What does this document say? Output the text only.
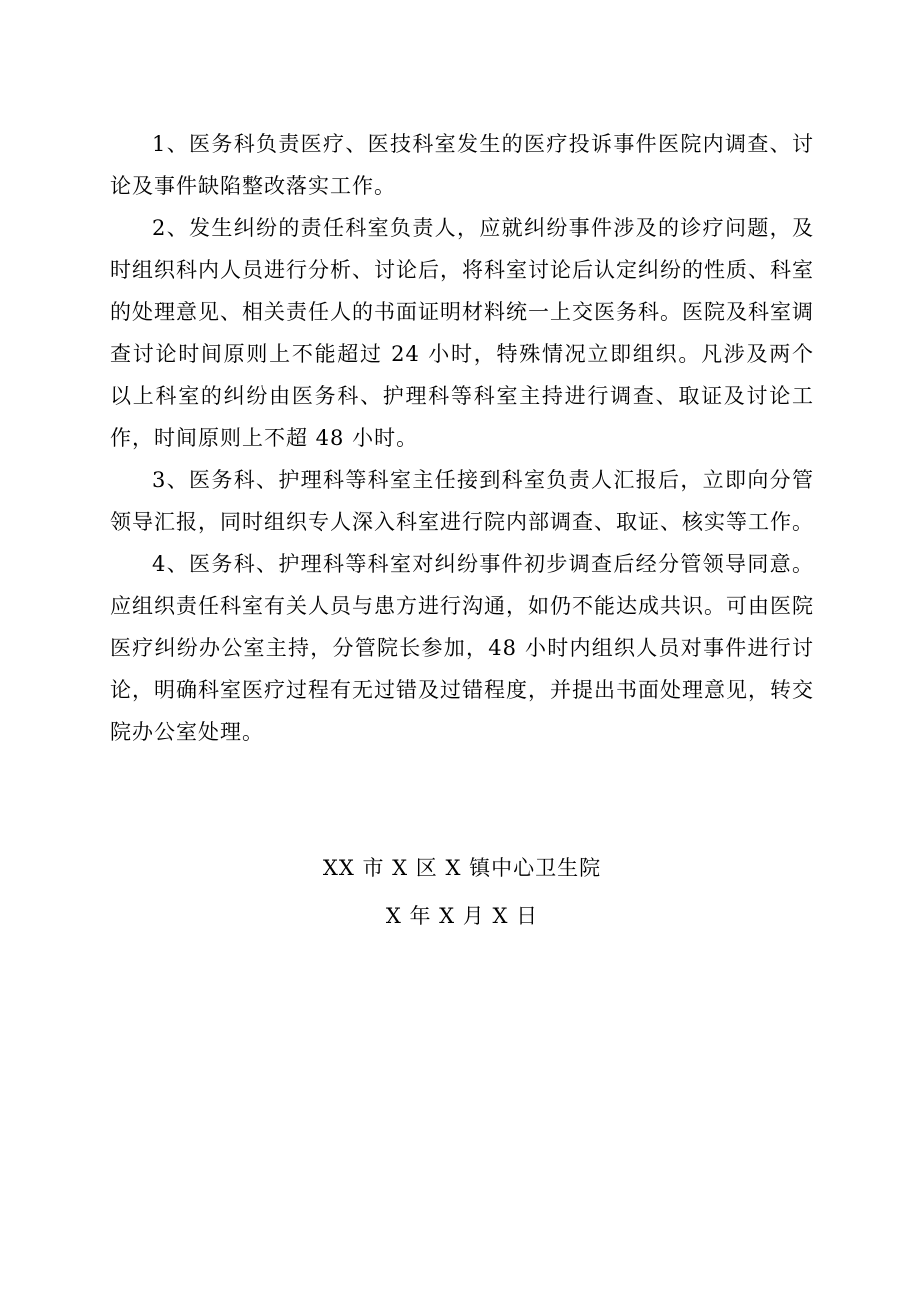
1、医务科负责医疗、医技科室发生的医疗投诉事件医院内调查、讨论及事件缺陷整改落实工作。

2、发生纠纷的责任科室负责人，应就纠纷事件涉及的诊疗问题，及时组织科内人员进行分析、讨论后，将科室讨论后认定纠纷的性质、科室的处理意见、相关责任人的书面证明材料统一上交医务科。医院及科室调查讨论时间原则上不能超过 24 小时，特殊情况立即组织。凡涉及两个以上科室的纠纷由医务科、护理科等科室主持进行调查、取证及讨论工作，时间原则上不超 48 小时。

3、医务科、护理科等科室主任接到科室负责人汇报后，立即向分管领导汇报，同时组织专人深入科室进行院内部调查、取证、核实等工作。

4、医务科、护理科等科室对纠纷事件初步调查后经分管领导同意。应组织责任科室有关人员与患方进行沟通，如仍不能达成共识。可由医院医疗纠纷办公室主持，分管院长参加，48 小时内组织人员对事件进行讨论，明确科室医疗过程有无过错及过错程度，并提出书面处理意见，转交院办公室处理。

XX 市 X 区 X 镇中心卫生院
X 年 X 月 X 日
